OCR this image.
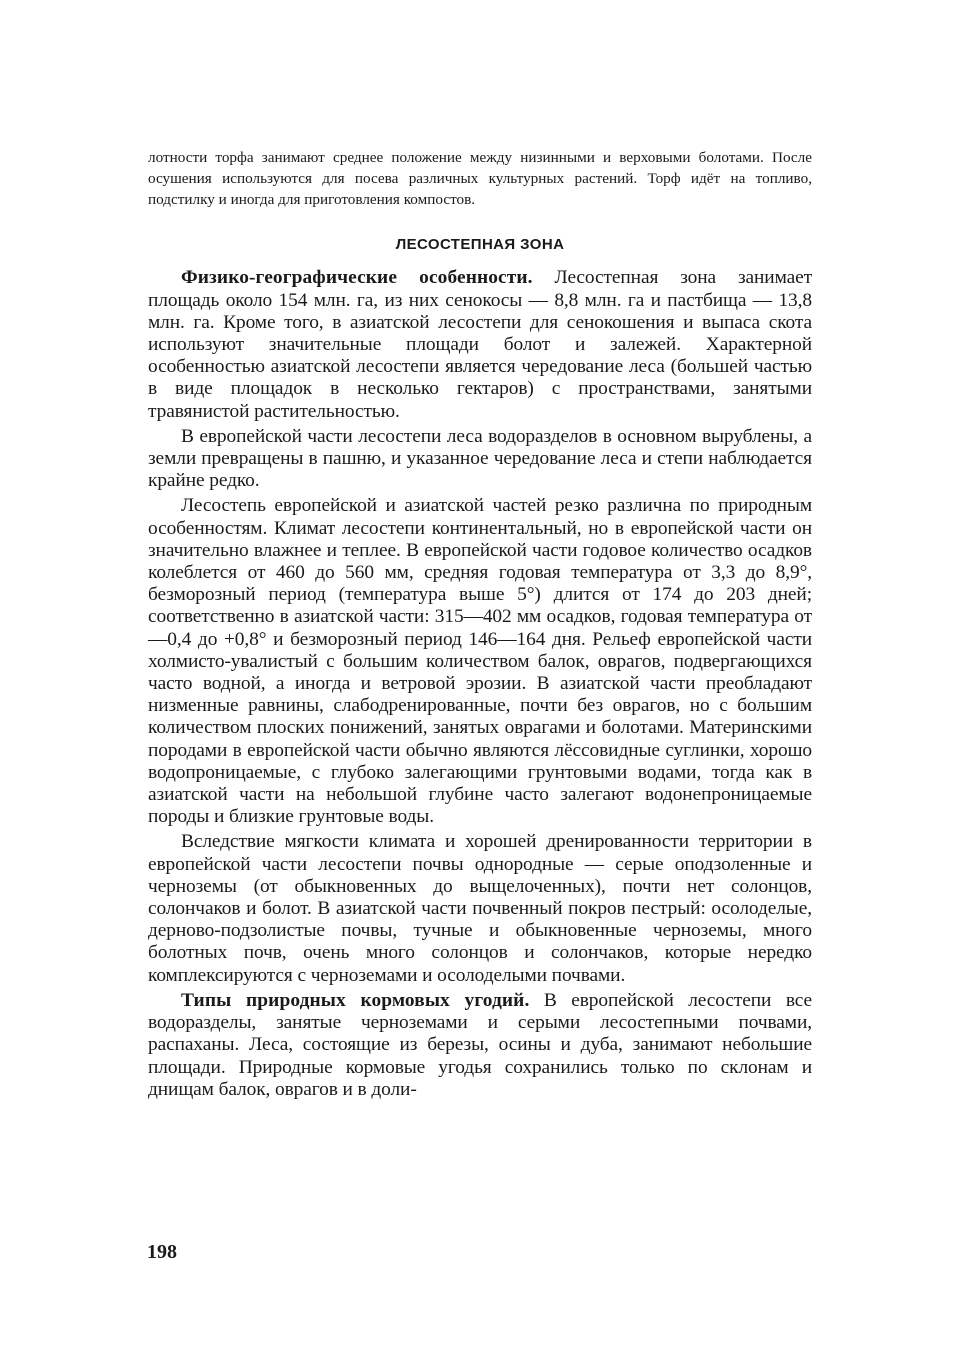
лотности торфа занимают среднее положение между низинными и верховыми болотами. После осушения используются для посева различных культурных растений. Торф идёт на топливо, подстилку и иногда для приготовления компостов.

ЛЕСОСТЕПНАЯ ЗОНА

Физико-географические особенности. Лесостепная зона занимает площадь около 154 млн. га, из них сенокосы — 8,8 млн. га и пастбища — 13,8 млн. га. Кроме того, в азиатской лесостепи для сенокошения и выпаса скота используют значительные площади болот и залежей. Характерной особенностью азиатской лесостепи является чередование леса (большей частью в виде площадок в несколько гектаров) с пространствами, занятыми травянистой растительностью.

В европейской части лесостепи леса водоразделов в основном вырублены, а земли превращены в пашню, и указанное чередование леса и степи наблюдается крайне редко.

Лесостепь европейской и азиатской частей резко различна по природным особенностям. Климат лесостепи континентальный, но в европейской части он значительно влажнее и теплее. В европейской части годовое количество осадков колеблется от 460 до 560 мм, средняя годовая температура от 3,3 до 8,9°, безморозный период (температура выше 5°) длится от 174 до 203 дней; соответственно в азиатской части: 315—402 мм осадков, годовая температура от —0,4 до +0,8° и безморозный период 146—164 дня. Рельеф европейской части холмисто-увалистый с большим количеством балок, оврагов, подвергающихся часто водной, а иногда и ветровой эрозии. В азиатской части преобладают низменные равнины, слабодренированные, почти без оврагов, но с большим количеством плоских понижений, занятых оврагами и болотами. Материнскими породами в европейской части обычно являются лёссовидные суглинки, хорошо водопроницаемые, с глубоко залегающими грунтовыми водами, тогда как в азиатской части на небольшой глубине часто залегают водонепроницаемые породы и близкие грунтовые воды.

Вследствие мягкости климата и хорошей дренированности территории в европейской части лесостепи почвы однородные — серые оподзоленные и черноземы (от обыкновенных до выщелоченных), почти нет солонцов, солончаков и болот. В азиатской части почвенный покров пестрый: осолоделые, дерново-подзолистые почвы, тучные и обыкновенные черноземы, много болотных почв, очень много солонцов и солончаков, которые нередко комплексируются с черноземами и осолоделыми почвами.

Типы природных кормовых угодий. В европейской лесостепи все водоразделы, занятые черноземами и серыми лесостепными почвами, распаханы. Леса, состоящие из березы, осины и дуба, занимают небольшие площади. Природные кормовые угодья сохранились только по склонам и днищам балок, оврагов и в доли-

198
